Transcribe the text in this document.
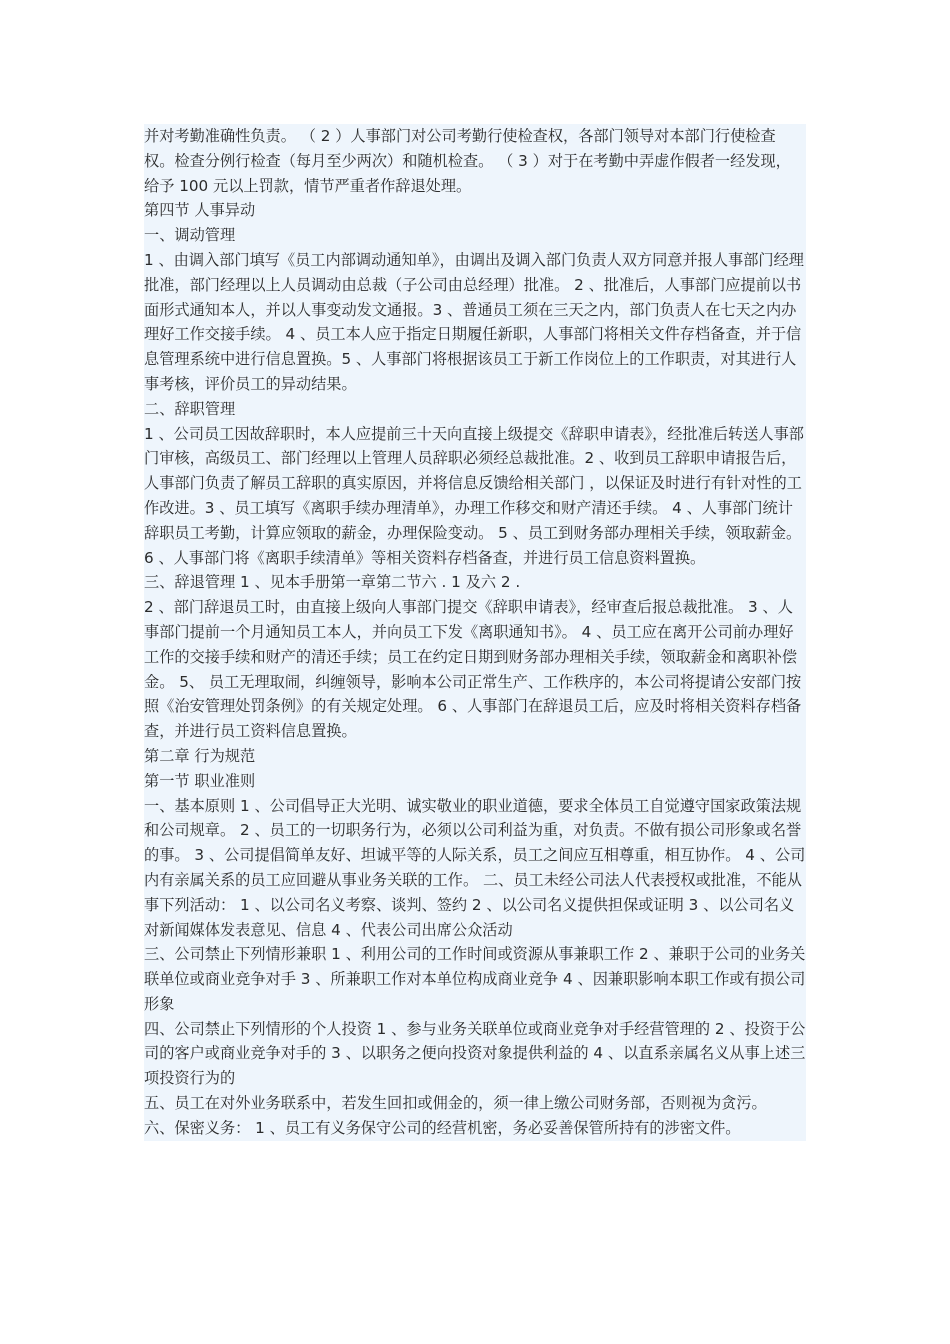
并对考勤准确性负责。 （ 2 ）人事部门对公司考勤行使检查权，各部门领导对本部门行使检查权。检查分例行检查（每月至少两次）和随机检查。 （ 3 ）对于在考勤中弄虚作假者一经发现，给予 100 元以上罚款，情节严重者作辞退处理。

第四节 人事异动

一、调动管理

1 、由调入部门填写《员工内部调动通知单》，由调出及调入部门负责人双方同意并报人事部门经理批准，部门经理以上人员调动由总裁（子公司由总经理）批准。 2 、批准后，人事部门应提前以书面形式通知本人，并以人事变动发文通报。3 、普通员工须在三天之内，部门负责人在七天之内办理好工作交接手续。 4 、员工本人应于指定日期履任新职，人事部门将相关文件存档备查，并于信息管理系统中进行信息置换。5 、人事部门将根据该员工于新工作岗位上的工作职责，对其进行人事考核，评价员工的异动结果。

二、辞职管理

1 、公司员工因故辞职时，本人应提前三十天向直接上级提交《辞职申请表》，经批准后转送人事部门审核，高级员工、部门经理以上管理人员辞职必须经总裁批准。2 、收到员工辞职申请报告后，人事部门负责了解员工辞职的真实原因，并将信息反馈给相关部门 ，以保证及时进行有针对性的工作改进。3 、员工填写《离职手续办理清单》，办理工作移交和财产清还手续。 4 、人事部门统计辞职员工考勤，计算应领取的薪金，办理保险变动。 5 、员工到财务部办理相关手续，领取薪金。6 、人事部门将《离职手续清单》等相关资料存档备查，并进行员工信息资料置换。

三、辞退管理 1 、见本手册第一章第二节六 . 1 及六 2 .

2 、部门辞退员工时，由直接上级向人事部门提交《辞职申请表》，经审查后报总裁批准。 3 、人事部门提前一个月通知员工本人，并向员工下发《离职通知书》。 4 、员工应在离开公司前办理好工作的交接手续和财产的清还手续；员工在约定日期到财务部办理相关手续，领取薪金和离职补偿金。 5、 员工无理取闹，纠缠领导，影响本公司正常生产、工作秩序的，本公司将提请公安部门按照《治安管理处罚条例》的有关规定处理。 6 、人事部门在辞退员工后，应及时将相关资料存档备查，并进行员工资料信息置换。

第二章 行为规范

第一节 职业准则

一、基本原则 1 、公司倡导正大光明、诚实敬业的职业道德，要求全体员工自觉遵守国家政策法规和公司规章。 2 、员工的一切职务行为，必须以公司利益为重，对负责。不做有损公司形象或名誉的事。 3 、公司提倡简单友好、坦诚平等的人际关系，员工之间应互相尊重，相互协作。 4 、公司内有亲属关系的员工应回避从事业务关联的工作。 二、员工未经公司法人代表授权或批准，不能从事下列活动： 1 、以公司名义考察、谈判、签约 2 、以公司名义提供担保或证明 3 、以公司名义对新闻媒体发表意见、信息 4 、代表公司出席公众活动

三、公司禁止下列情形兼职 1 、利用公司的工作时间或资源从事兼职工作 2 、兼职于公司的业务关联单位或商业竞争对手 3 、所兼职工作对本单位构成商业竞争 4 、因兼职影响本职工作或有损公司形象

四、公司禁止下列情形的个人投资 1 、参与业务关联单位或商业竞争对手经营管理的 2 、投资于公司的客户或商业竞争对手的 3 、以职务之便向投资对象提供利益的 4 、以直系亲属名义从事上述三项投资行为的

五、员工在对外业务联系中，若发生回扣或佣金的，须一律上缴公司财务部，否则视为贪污。

六、保密义务： 1 、员工有义务保守公司的经营机密，务必妥善保管所持有的涉密文件。
